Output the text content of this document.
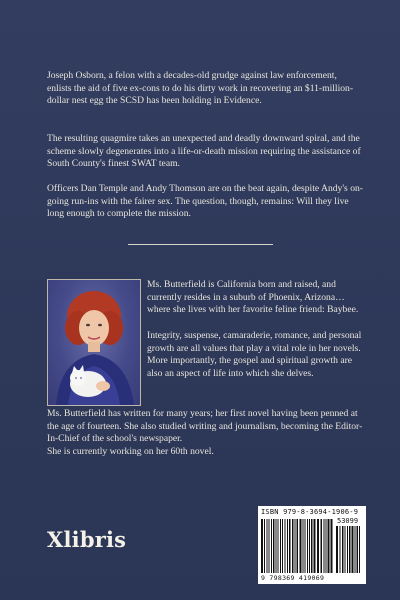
Joseph Osborn, a felon with a decades-old grudge against law enforcement, enlists the aid of five ex-cons to do his dirty work in recovering an $11-million-dollar nest egg the SCSD has been holding in Evidence.

The resulting quagmire takes an unexpected and deadly downward spiral, and the scheme slowly degenerates into a life-or-death mission requiring the assistance of South County's finest SWAT team.

Officers Dan Temple and Andy Thomson are on the beat again, despite Andy's on-going run-ins with the fairer sex. The question, though, remains: Will they live long enough to complete the mission.

Ms. Butterfield is California born and raised, and currently resides in a suburb of Phoenix, Arizona…where she lives with her favorite feline friend: Baybee.

Integrity, suspense, camaraderie, romance, and personal growth are all values that play a vital role in her novels. More importantly, the gospel and spiritual growth are also an aspect of life into which she delves.

Ms. Butterfield has written for many years; her first novel having been penned at the age of fourteen. She also studied writing and journalism, becoming the Editor-In-Chief of the school's newspaper.
She is currently working on her 60th novel.

Xlibris
ISBN 979-8-3694-1906-9
53099
9 798369 419069
